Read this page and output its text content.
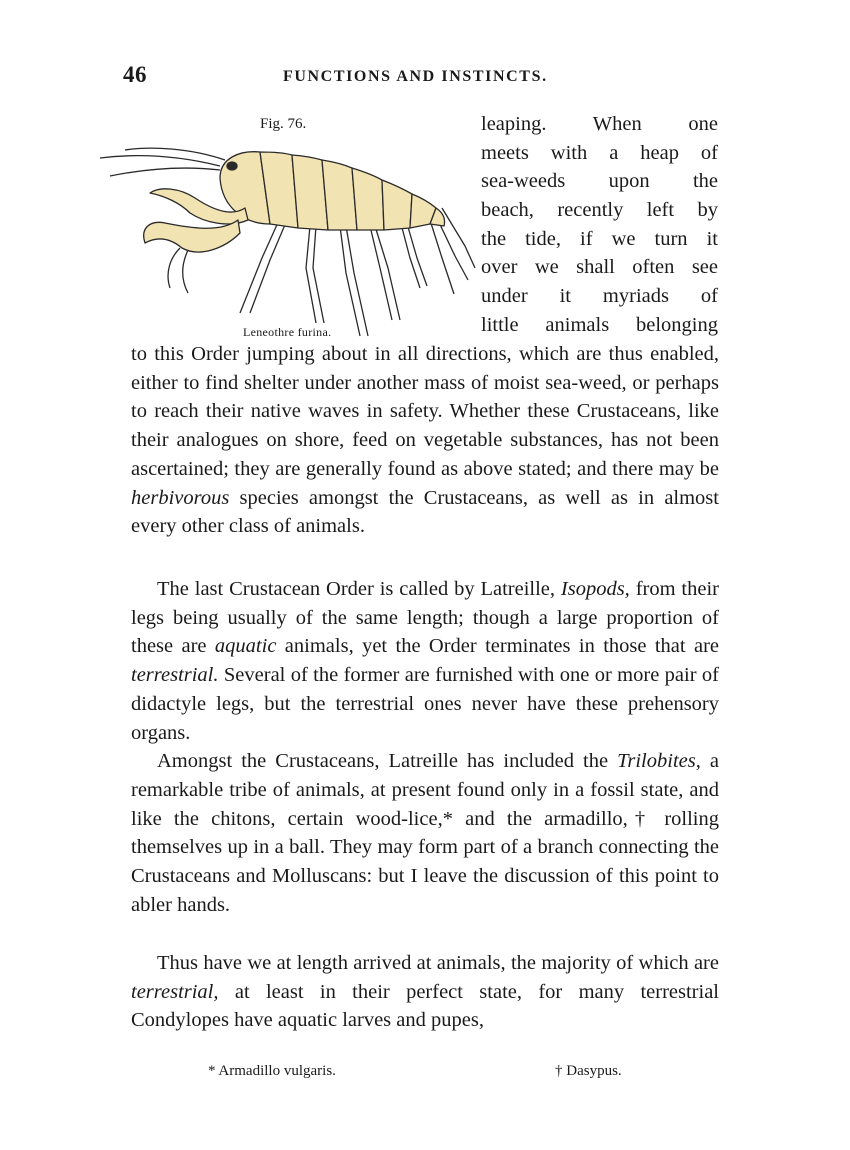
46	FUNCTIONS AND INSTINCTS.
Fig. 76.
Leneothre furina.
leaping. When one
meets with a heap of
sea-weeds upon the
beach, recently left by
the tide, if we turn it
over we shall often see
under it myriads of
little animals belonging

to this Order jumping about in all directions, which are thus enabled, either to find shelter under another mass of moist sea-weed, or perhaps to reach their native waves in safety. Whether these Crustaceans, like their analogues on shore, feed on vegetable substances, has not been ascertained; they are generally found as above stated; and there may be herbivorous species amongst the Crustaceans, as well as in almost every other class of animals.

The last Crustacean Order is called by Latreille, Isopods, from their legs being usually of the same length; though a large proportion of these are aquatic animals, yet the Order terminates in those that are terrestrial. Several of the former are furnished with one or more pair of didactyle legs, but the terrestrial ones never have these prehensory organs.

Amongst the Crustaceans, Latreille has included the Trilobites, a remarkable tribe of animals, at present found only in a fossil state, and like the chitons, certain wood-lice,* and the armadillo,† rolling themselves up in a ball. They may form part of a branch connecting the Crustaceans and Molluscans: but I leave the discussion of this point to abler hands.

Thus have we at length arrived at animals, the majority of which are terrestrial, at least in their perfect state, for many terrestrial Condylopes have aquatic larves and pupes,

* Armadillo vulgaris.	† Dasypus.
